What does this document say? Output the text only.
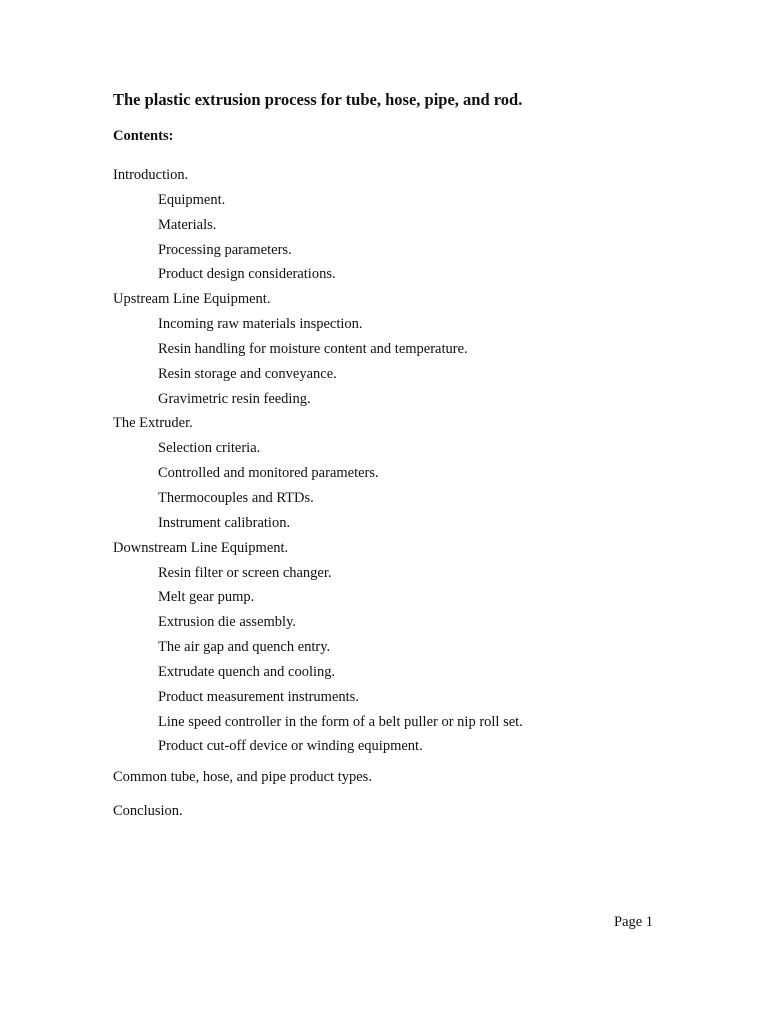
The plastic extrusion process for tube, hose, pipe, and rod.
Contents:
Introduction.
Equipment.
Materials.
Processing parameters.
Product design considerations.
Upstream Line Equipment.
Incoming raw materials inspection.
Resin handling for moisture content and temperature.
Resin storage and conveyance.
Gravimetric resin feeding.
The Extruder.
Selection criteria.
Controlled and monitored parameters.
Thermocouples and RTDs.
Instrument calibration.
Downstream Line Equipment.
Resin filter or screen changer.
Melt gear pump.
Extrusion die assembly.
The air gap and quench entry.
Extrudate quench and cooling.
Product measurement instruments.
Line speed controller in the form of a belt puller or nip roll set.
Product cut-off device or winding equipment.
Common tube, hose, and pipe product types.
Conclusion.
Page 1
